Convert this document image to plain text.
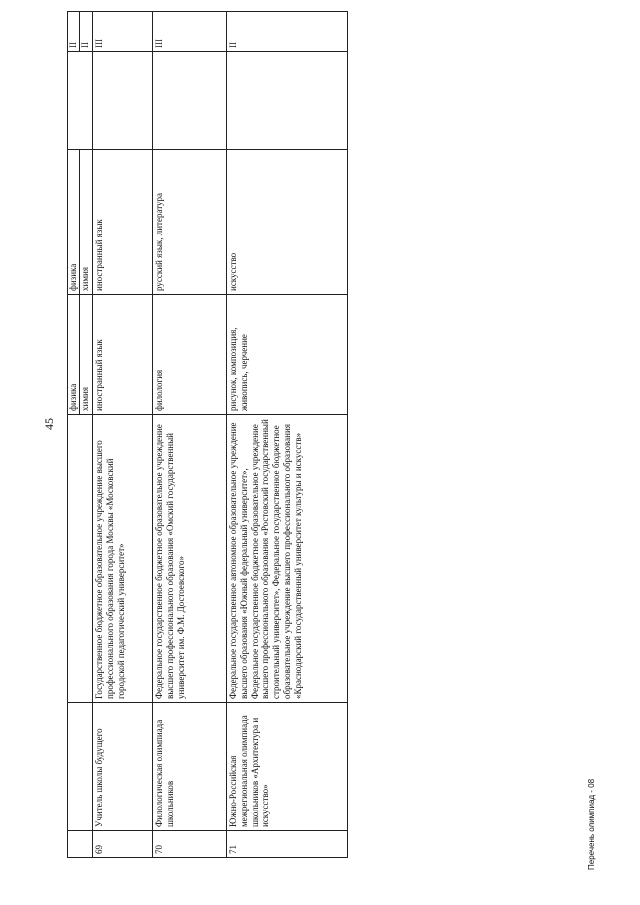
45

			физика химия	физика химия		II II

69	Учитель школы будущего	Государственное бюджетное образовательное учреждение высшего профессионального образования города Москвы «Московский городской педагогический университет»	иностранный язык	иностранный язык		III
70	Филологическая олимпиада школьников	Федеральное государственное бюджетное образовательное учреждение высшего профессионального образования «Омский государственный университет им. Ф.М. Достоевского»	филология	русский язык, литература		III
71	Южно-Российская межрегиональная олимпиада школьников «Архитектура и искусство»	Федеральное государственное автономное образовательное учреждение высшего образования «Южный федеральный университет», Федеральное государственное бюджетное образовательное учреждение высшего профессионального образования «Ростовский государственный строительный университет», Федеральное государственное бюджетное образовательное учреждение высшего профессионального образования «Краснодарский государственный университет культуры и искусств»	рисунок, композиция, живопись, черчение	искусство		II
Перечень олимпиад - 08
